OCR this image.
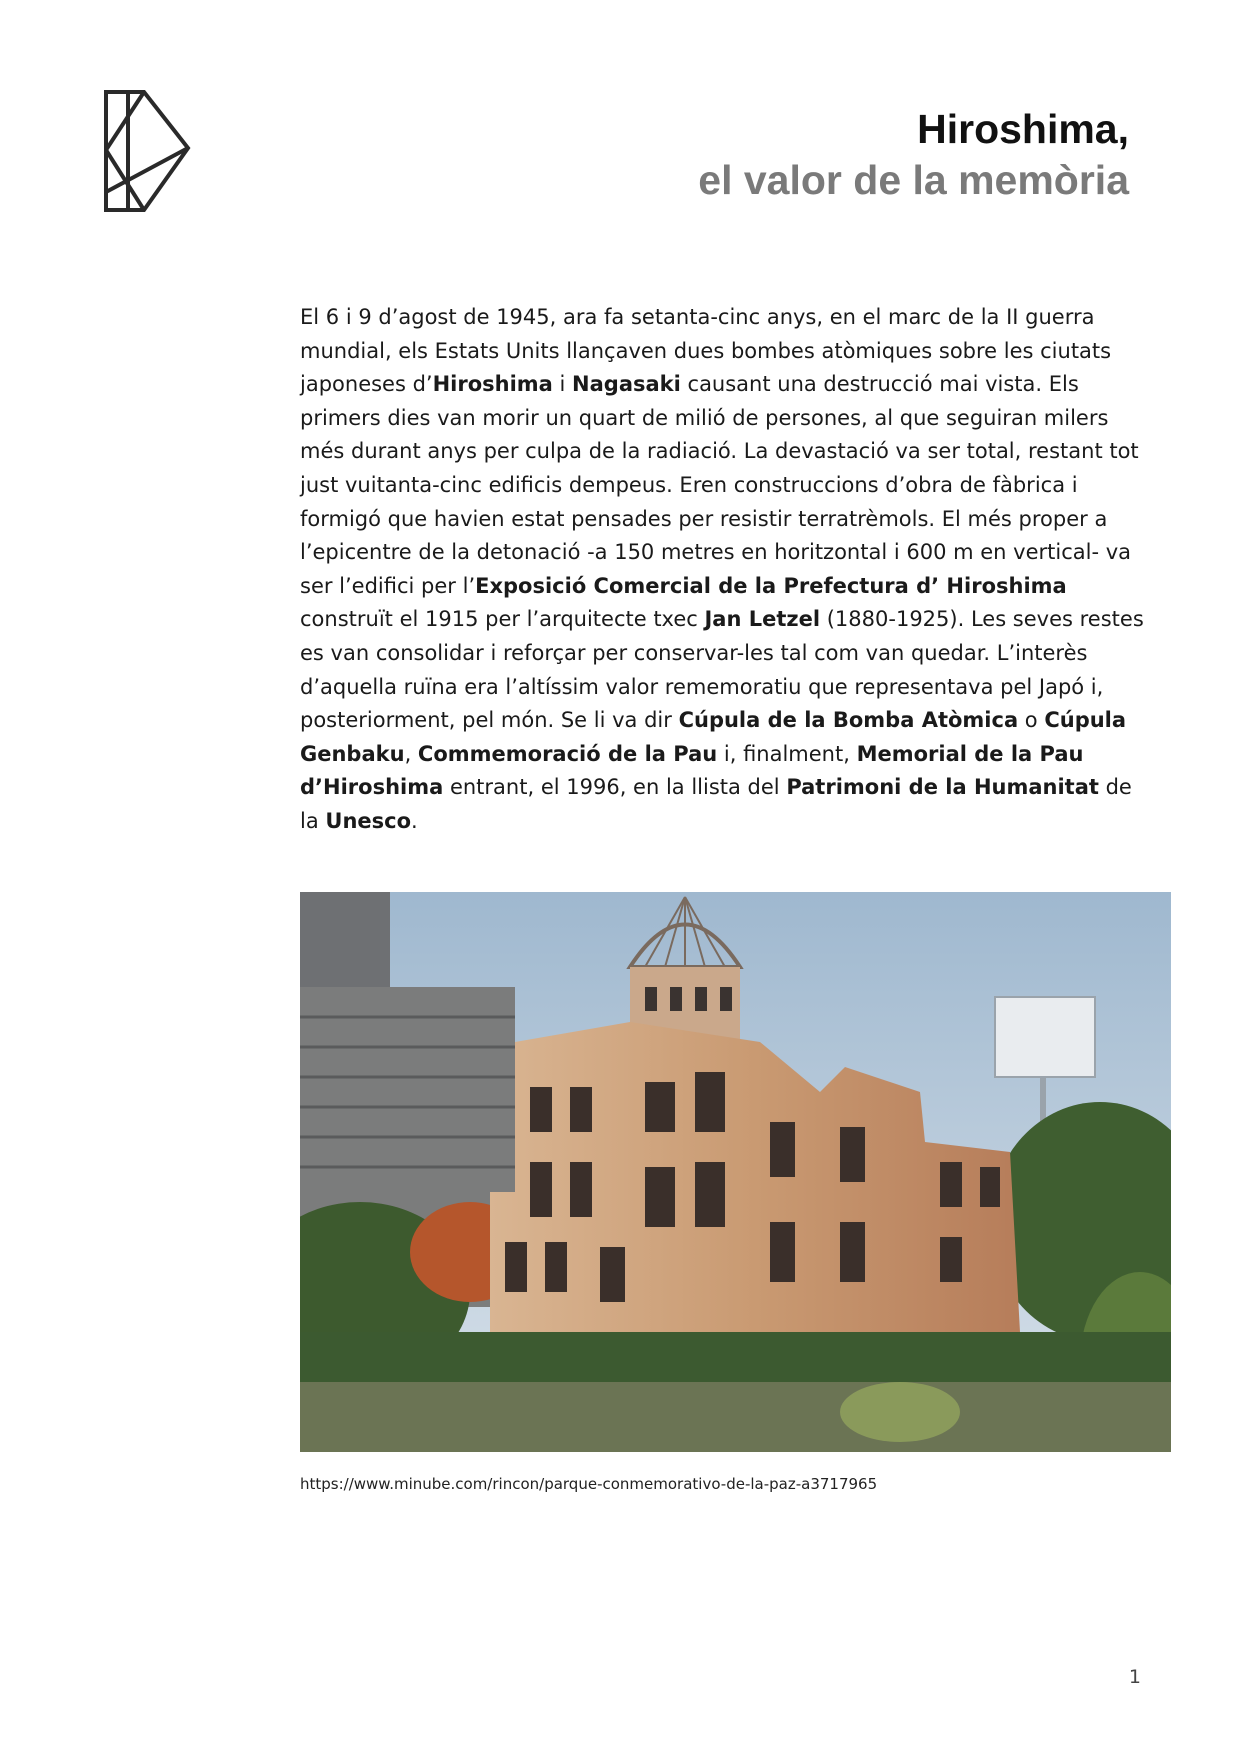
Hiroshima,

el valor de la memòria

El 6 i 9 d’agost de 1945, ara fa setanta-cinc anys, en el marc de la II guerra mundial, els Estats Units llançaven dues bombes atòmiques sobre les ciutats japoneses d’Hiroshima i Nagasaki causant una destrucció mai vista. Els primers dies van morir un quart de milió de persones, al que seguiran milers més durant anys per culpa de la radiació. La devastació va ser total, restant tot just vuitanta-cinc edificis dempeus. Eren construccions d’obra de fàbrica i formigó que havien estat pensades per resistir terratrèmols. El més proper a l’epicentre de la detonació -a 150 metres en horitzontal i 600 m en vertical- va ser l’edifici per l’Exposició Comercial de la Prefectura d’ Hiroshima construït el 1915 per l’arquitecte txec Jan Letzel (1880-1925). Les seves restes es van consolidar i reforçar per conservar-les tal com van quedar. L’interès d’aquella ruïna era l’altíssim valor rememoratiu que representava pel Japó i, posteriorment, pel món. Se li va dir Cúpula de la Bomba Atòmica o Cúpula Genbaku, Commemoració de la Pau i, finalment, Memorial de la Pau d’Hiroshima entrant, el 1996, en la llista del Patrimoni de la Humanitat de la Unesco.

https://www.minube.com/rincon/parque-conmemorativo-de-la-paz-a3717965

1
